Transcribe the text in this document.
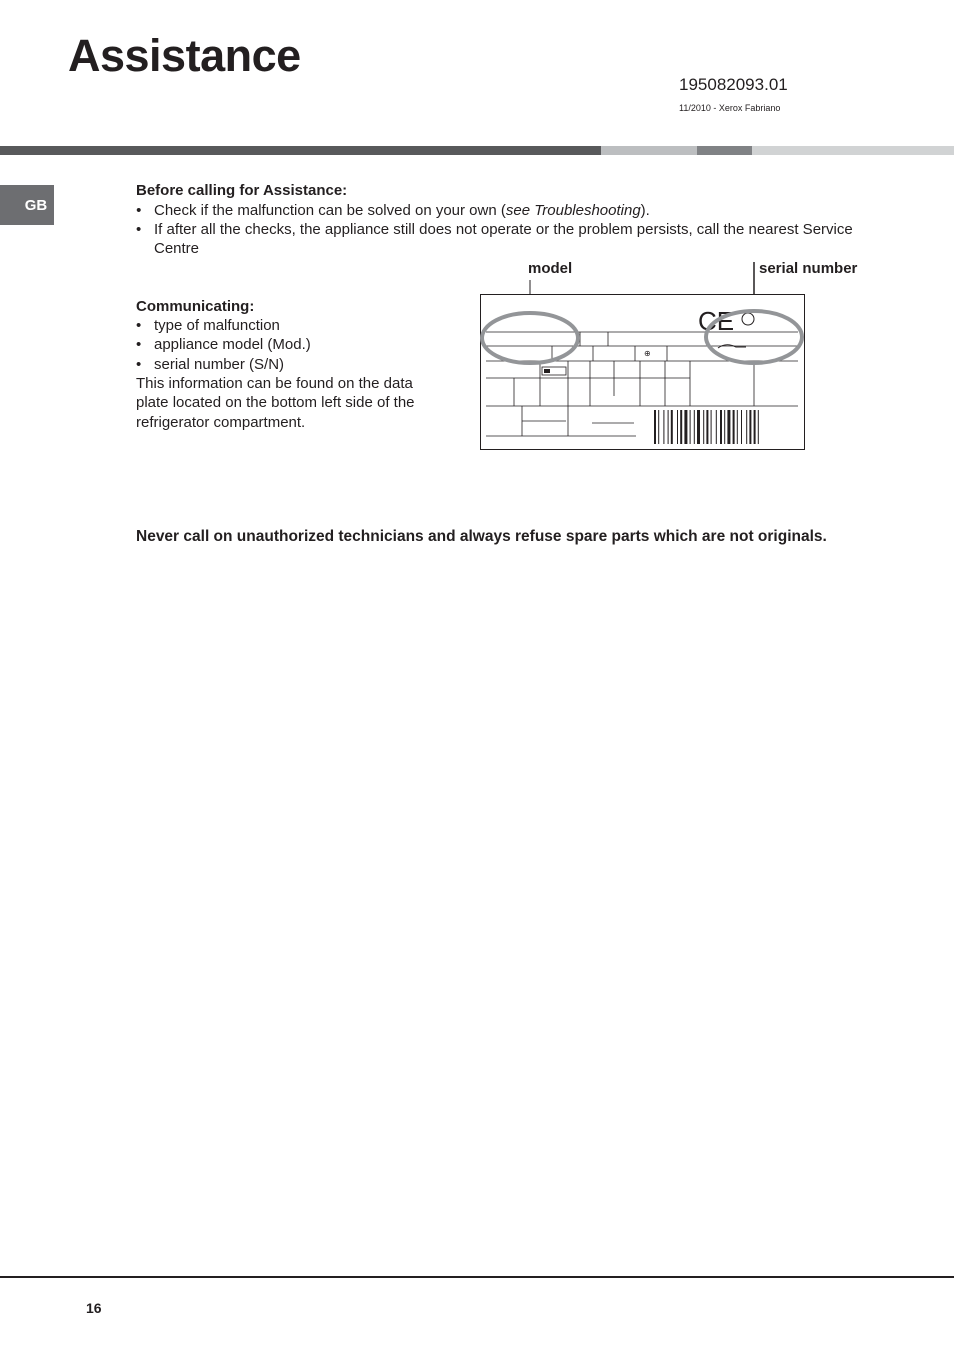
Assistance
195082093.01
11/2010 - Xerox Fabriano
GB
Before calling for Assistance:
• Check if the malfunction can be solved on your own (see Troubleshooting).
• If after all the checks, the appliance still does not operate or the problem persists, call the nearest Service Centre
Communicating:
• type of malfunction
• appliance model (Mod.)
• serial number (S/N)
This information can be found on the data plate located on the bottom left side of the refrigerator compartment.
model	serial number
CE
⊕
Never call on unauthorized technicians and always refuse spare parts which are not originals.
16
